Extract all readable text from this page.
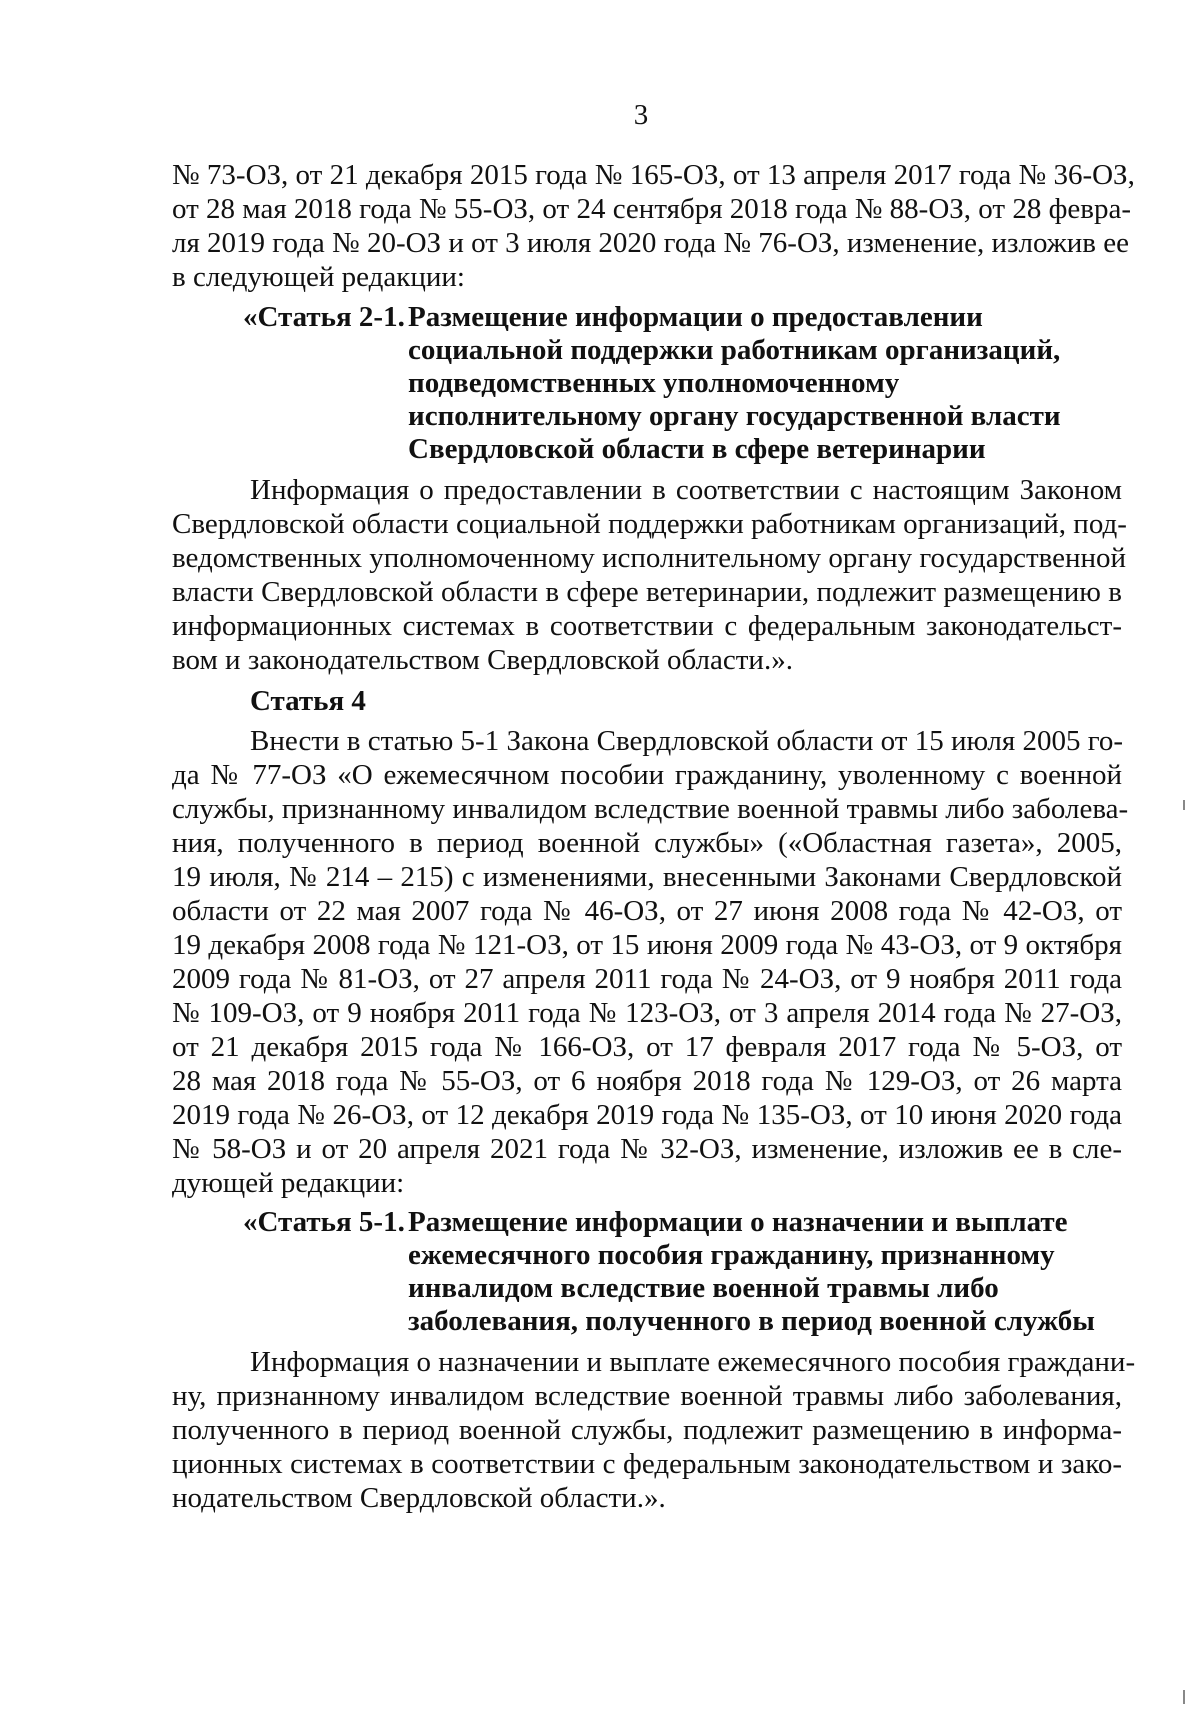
3
№ 73-ОЗ, от 21 декабря 2015 года № 165-ОЗ, от 13 апреля 2017 года № 36-ОЗ,
от 28 мая 2018 года № 55-ОЗ, от 24 сентября 2018 года № 88-ОЗ, от 28 февра-
ля 2019 года № 20-ОЗ и от 3 июля 2020 года № 76-ОЗ, изменение, изложив ее
в следующей редакции:
«Статья 2-1. Размещение информации о предоставлении
социальной поддержки работникам организаций,
подведомственных уполномоченному
исполнительному органу государственной власти
Свердловской области в сфере ветеринарии
Информация о предоставлении в соответствии с настоящим Законом
Свердловской области социальной поддержки работникам организаций, под-
ведомственных уполномоченному исполнительному органу государственной
власти Свердловской области в сфере ветеринарии, подлежит размещению в
информационных системах в соответствии с федеральным законодательст-
вом и законодательством Свердловской области.».
Статья 4
Внести в статью 5-1 Закона Свердловской области от 15 июля 2005 го-
да № 77-ОЗ «О ежемесячном пособии гражданину, уволенному с военной
службы, признанному инвалидом вследствие военной травмы либо заболева-
ния, полученного в период военной службы» («Областная газета», 2005,
19 июля, № 214 – 215) с изменениями, внесенными Законами Свердловской
области от 22 мая 2007 года № 46-ОЗ, от 27 июня 2008 года № 42-ОЗ, от
19 декабря 2008 года № 121-ОЗ, от 15 июня 2009 года № 43-ОЗ, от 9 октября
2009 года № 81-ОЗ, от 27 апреля 2011 года № 24-ОЗ, от 9 ноября 2011 года
№ 109-ОЗ, от 9 ноября 2011 года № 123-ОЗ, от 3 апреля 2014 года № 27-ОЗ,
от 21 декабря 2015 года № 166-ОЗ, от 17 февраля 2017 года № 5-ОЗ, от
28 мая 2018 года № 55-ОЗ, от 6 ноября 2018 года № 129-ОЗ, от 26 марта
2019 года № 26-ОЗ, от 12 декабря 2019 года № 135-ОЗ, от 10 июня 2020 года
№ 58-ОЗ и от 20 апреля 2021 года № 32-ОЗ, изменение, изложив ее в сле-
дующей редакции:
«Статья 5-1. Размещение информации о назначении и выплате
ежемесячного пособия гражданину, признанному
инвалидом вследствие военной травмы либо
заболевания, полученного в период военной службы
Информация о назначении и выплате ежемесячного пособия граждани-
ну, признанному инвалидом вследствие военной травмы либо заболевания,
полученного в период военной службы, подлежит размещению в информа-
ционных системах в соответствии с федеральным законодательством и зако-
нодательством Свердловской области.».
